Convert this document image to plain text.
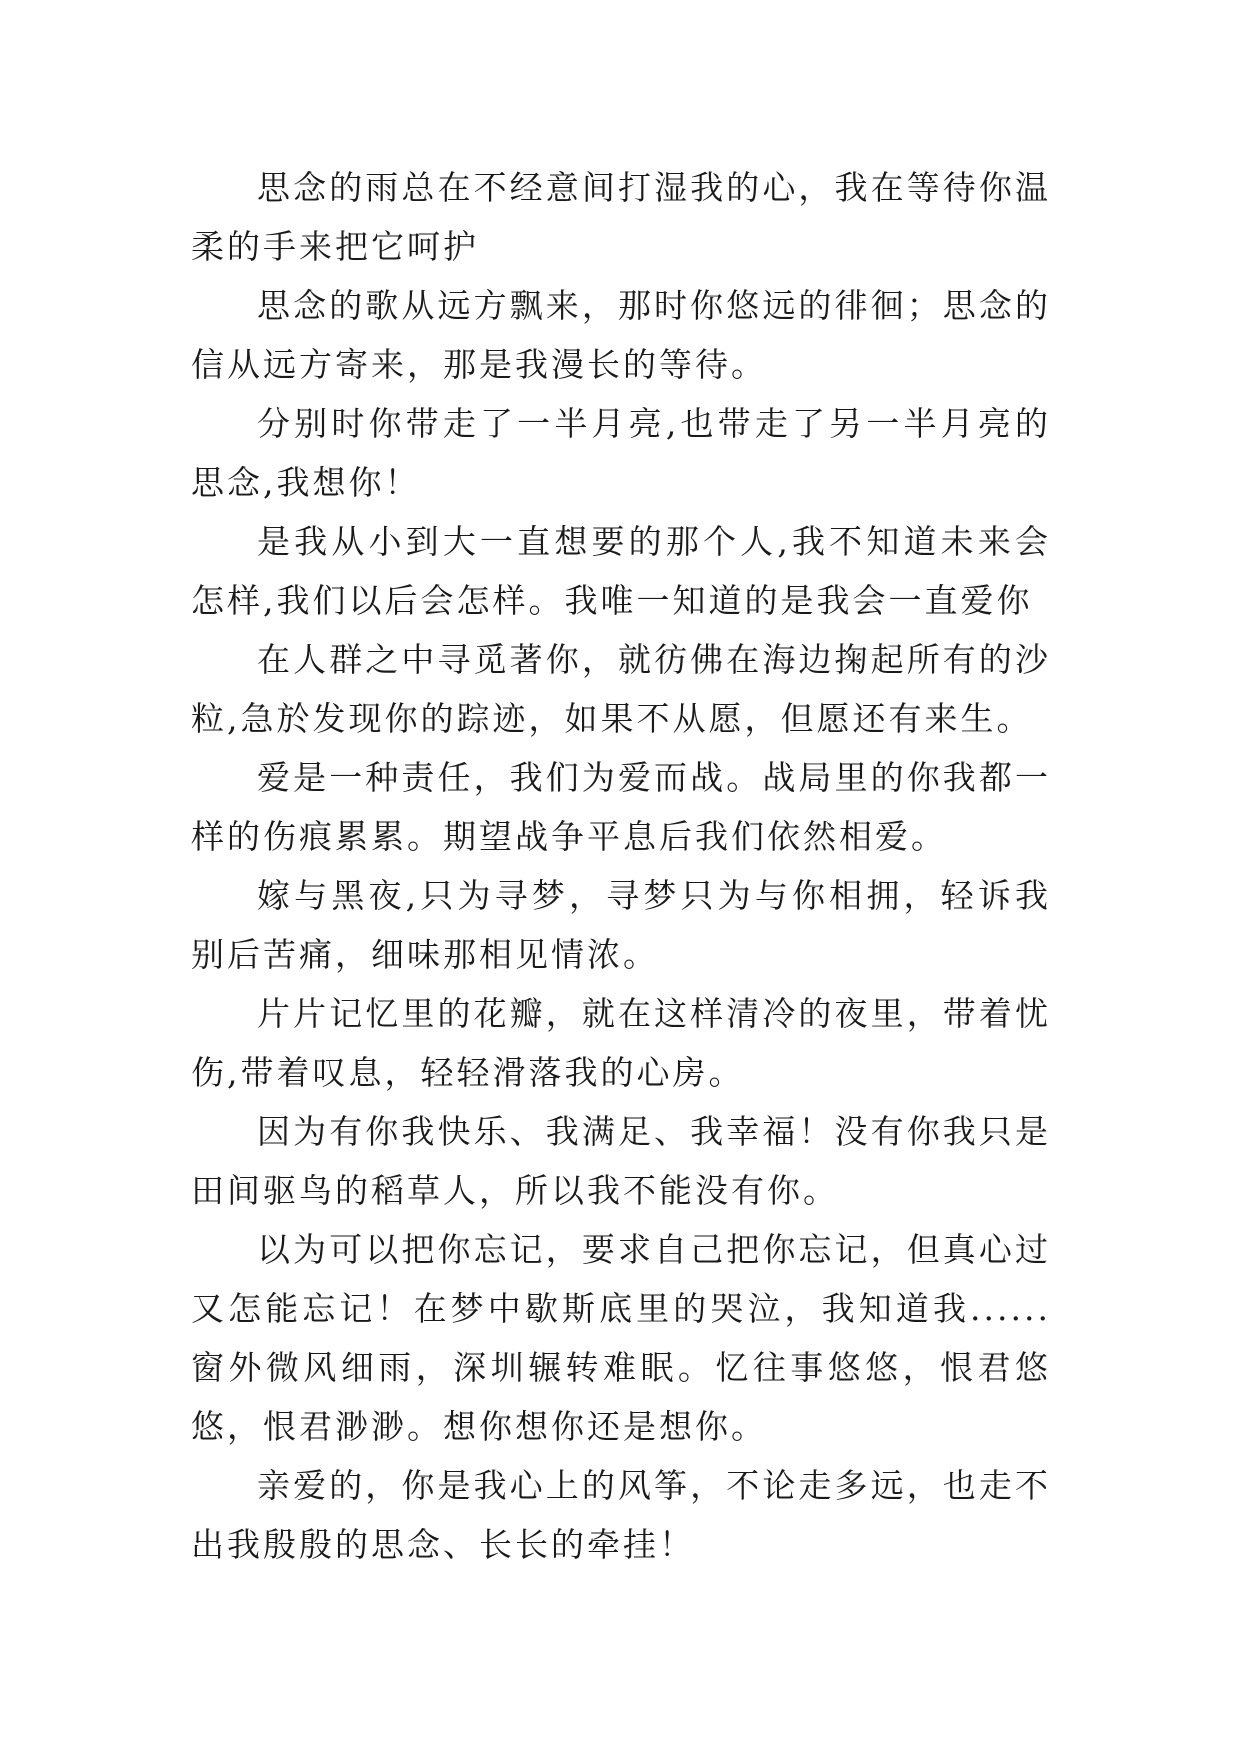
思念的雨总在不经意间打湿我的心，我在等待你温柔的手来把它呵护

思念的歌从远方飘来，那时你悠远的徘徊；思念的信从远方寄来，那是我漫长的等待。

分别时你带走了一半月亮,也带走了另一半月亮的思念,我想你！

是我从小到大一直想要的那个人,我不知道未来会怎样,我们以后会怎样。我唯一知道的是我会一直爱你

在人群之中寻觅著你，就彷佛在海边掬起所有的沙粒,急於发现你的踪迹，如果不从愿，但愿还有来生。

爱是一种责任，我们为爱而战。战局里的你我都一样的伤痕累累。期望战争平息后我们依然相爱。

嫁与黑夜,只为寻梦，寻梦只为与你相拥，轻诉我别后苦痛，细味那相见情浓。

片片记忆里的花瓣，就在这样清冷的夜里，带着忧伤,带着叹息，轻轻滑落我的心房。

因为有你我快乐、我满足、我幸福！没有你我只是田间驱鸟的稻草人，所以我不能没有你。

以为可以把你忘记，要求自己把你忘记，但真心过又怎能忘记！在梦中歇斯底里的哭泣，我知道我......窗外微风细雨，深圳辗转难眠。忆往事悠悠，恨君悠悠，恨君渺渺。想你想你还是想你。

亲爱的，你是我心上的风筝，不论走多远，也走不出我殷殷的思念、长长的牵挂！
